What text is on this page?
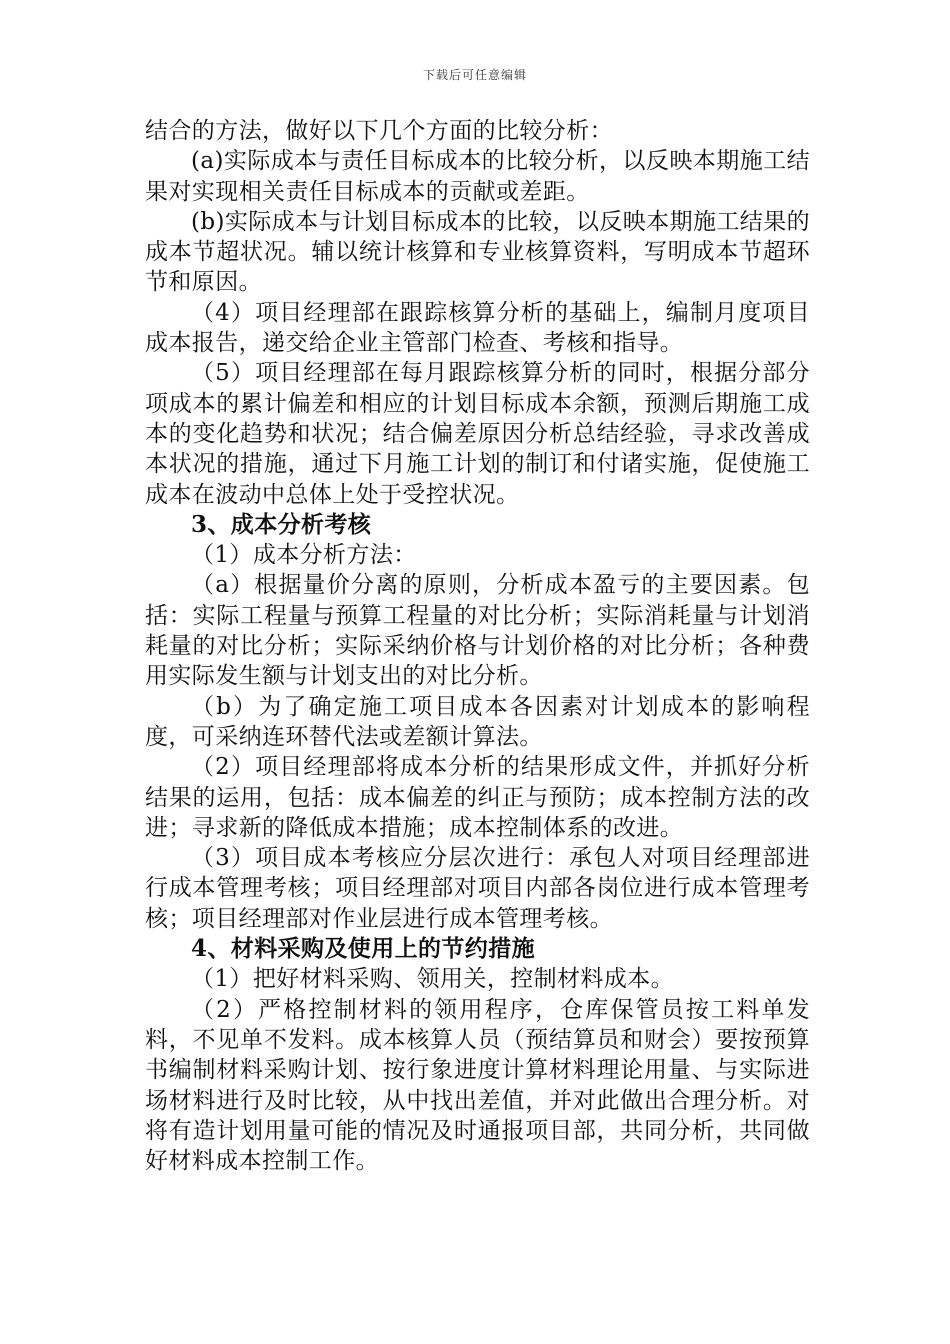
下载后可任意编辑

结合的方法，做好以下几个方面的比较分析：

(a)实际成本与责任目标成本的比较分析，以反映本期施工结果对实现相关责任目标成本的贡献或差距。

(b)实际成本与计划目标成本的比较，以反映本期施工结果的成本节超状况。辅以统计核算和专业核算资料，写明成本节超环节和原因。

（4）项目经理部在跟踪核算分析的基础上，编制月度项目成本报告，递交给企业主管部门检查、考核和指导。

（5）项目经理部在每月跟踪核算分析的同时，根据分部分项成本的累计偏差和相应的计划目标成本余额，预测后期施工成本的变化趋势和状况；结合偏差原因分析总结经验，寻求改善成本状况的措施，通过下月施工计划的制订和付诸实施，促使施工成本在波动中总体上处于受控状况。

3、成本分析考核

（1）成本分析方法：

（a）根据量价分离的原则，分析成本盈亏的主要因素。包括：实际工程量与预算工程量的对比分析；实际消耗量与计划消耗量的对比分析；实际采纳价格与计划价格的对比分析；各种费用实际发生额与计划支出的对比分析。

（b）为了确定施工项目成本各因素对计划成本的影响程度，可采纳连环替代法或差额计算法。

（2）项目经理部将成本分析的结果形成文件，并抓好分析结果的运用，包括：成本偏差的纠正与预防；成本控制方法的改进；寻求新的降低成本措施；成本控制体系的改进。

（3）项目成本考核应分层次进行：承包人对项目经理部进行成本管理考核；项目经理部对项目内部各岗位进行成本管理考核；项目经理部对作业层进行成本管理考核。

4、材料采购及使用上的节约措施

（1）把好材料采购、领用关，控制材料成本。

（2）严格控制材料的领用程序，仓库保管员按工料单发料，不见单不发料。成本核算人员（预结算员和财会）要按预算书编制材料采购计划、按行象进度计算材料理论用量、与实际进场材料进行及时比较，从中找出差值，并对此做出合理分析。对将有造计划用量可能的情况及时通报项目部，共同分析，共同做好材料成本控制工作。
